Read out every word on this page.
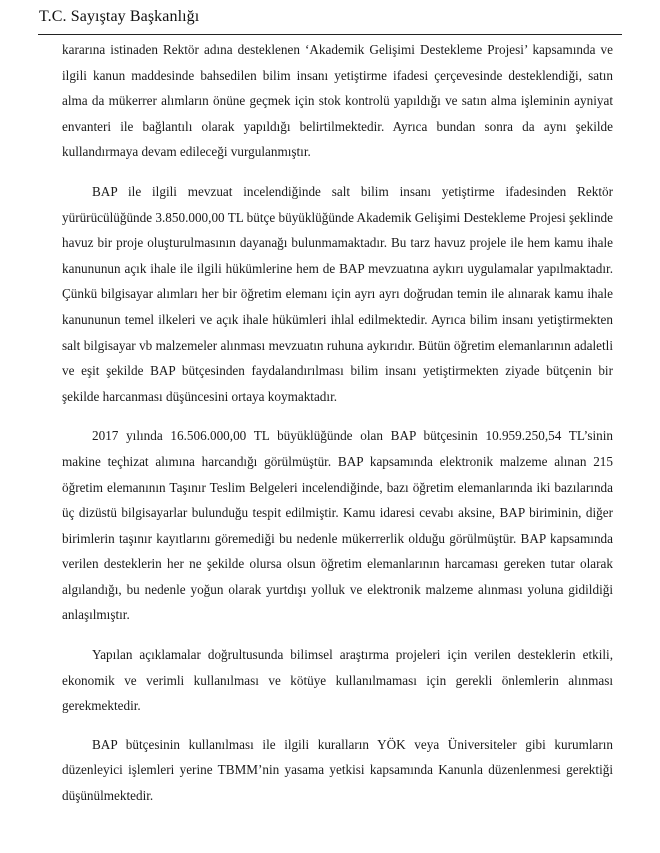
T.C. Sayıştay Başkanlığı

kararına istinaden Rektör adına desteklenen ‘Akademik Gelişimi Destekleme Projesi’ kapsamında ve ilgili kanun maddesinde bahsedilen bilim insanı yetiştirme ifadesi çerçevesinde desteklendiği, satın alma da mükerrer alımların önüne geçmek için stok kontrolü yapıldığı ve satın alma işleminin ayniyat envanteri ile bağlantılı olarak yapıldığı belirtilmektedir. Ayrıca bundan sonra da aynı şekilde kullandırmaya devam edileceği vurgulanmıştır.

BAP ile ilgili mevzuat incelendiğinde salt bilim insanı yetiştirme ifadesinden Rektör yürürücülüğünde 3.850.000,00 TL bütçe büyüklüğünde Akademik Gelişimi Destekleme Projesi şeklinde havuz bir proje oluşturulmasının dayanağı bulunmamaktadır. Bu tarz havuz projele ile hem kamu ihale kanununun açık ihale ile ilgili hükümlerine hem de BAP mevzuatına aykırı uygulamalar yapılmaktadır. Çünkü bilgisayar alımları her bir öğretim elemanı için ayrı ayrı doğrudan temin ile alınarak kamu ihale kanununun temel ilkeleri ve açık ihale hükümleri ihlal edilmektedir. Ayrıca bilim insanı yetiştirmekten salt bilgisayar vb malzemeler alınması mevzuatın ruhuna aykırıdır. Bütün öğretim elemanlarının adaletli ve eşit şekilde BAP bütçesinden faydalandırılması bilim insanı yetiştirmekten ziyade bütçenin bir şekilde harcanması düşüncesini ortaya koymaktadır.

2017 yılında 16.506.000,00 TL büyüklüğünde olan BAP bütçesinin 10.959.250,54 TL’sinin makine teçhizat alımına harcandığı görülmüştür. BAP kapsamında elektronik malzeme alınan 215 öğretim elemanının Taşınır Teslim Belgeleri incelendiğinde, bazı öğretim elemanlarında iki bazılarında üç dizüstü bilgisayarlar bulunduğu tespit edilmiştir. Kamu idaresi cevabı aksine, BAP biriminin, diğer birimlerin taşınır kayıtlarını göremediği bu nedenle mükerrerlik olduğu görülmüştür. BAP kapsamında verilen desteklerin her ne şekilde olursa olsun öğretim elemanlarının harcaması gereken tutar olarak algılandığı, bu nedenle yoğun olarak yurtdışı yolluk ve elektronik malzeme alınması yoluna gidildiği anlaşılmıştır.

Yapılan açıklamalar doğrultusunda bilimsel araştırma projeleri için verilen desteklerin etkili, ekonomik ve verimli kullanılması ve kötüye kullanılmaması için gerekli önlemlerin alınması gerekmektedir.

BAP bütçesinin kullanılması ile ilgili kuralların YÖK veya Üniversiteler gibi kurumların düzenleyici işlemleri yerine TBMM’nin yasama yetkisi kapsamında Kanunla düzenlenmesi gerektiği düşünülmektedir.
